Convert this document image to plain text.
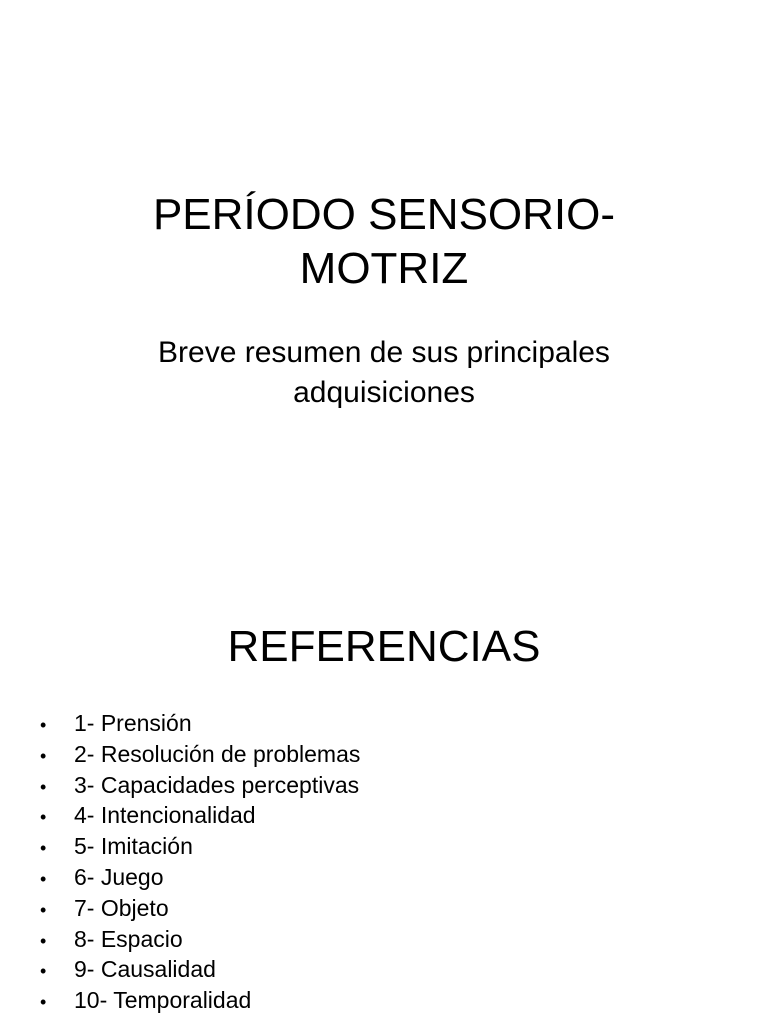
PERÍODO SENSORIO-
MOTRIZ

Breve resumen de sus principales
adquisiciones

REFERENCIAS
•	1- Prensión
•	2- Resolución de problemas
•	3- Capacidades perceptivas
•	4- Intencionalidad
•	5- Imitación
•	6- Juego
•	7- Objeto
•	8- Espacio
•	9- Causalidad
•	10- Temporalidad
